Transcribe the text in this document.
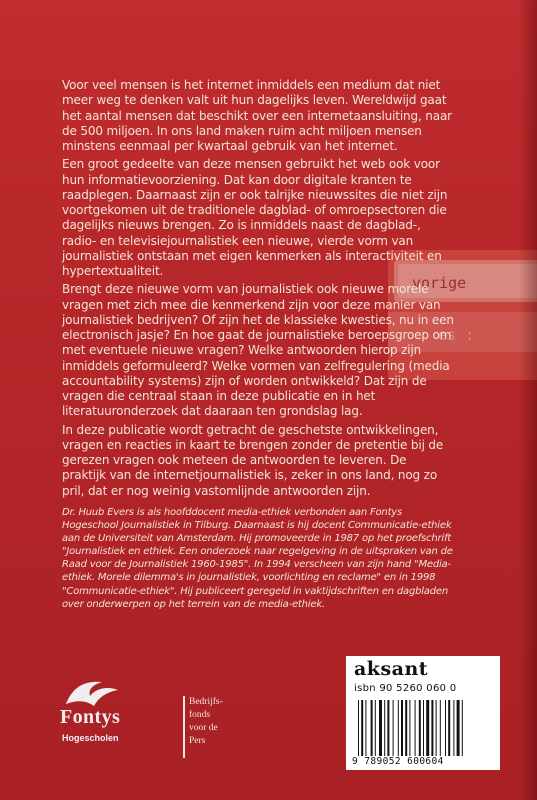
vorige
es :

Voor veel mensen is het internet inmiddels een medium dat niet meer weg te denken valt uit hun dagelijks leven. Wereldwijd gaat het aantal mensen dat beschikt over een internetaansluiting, naar de 500 miljoen. In ons land maken ruim acht miljoen mensen minstens eenmaal per kwartaal gebruik van het internet.

Een groot gedeelte van deze mensen gebruikt het web ook voor hun informatievoorziening. Dat kan door digitale kranten te raadplegen. Daarnaast zijn er ook talrijke nieuwssites die niet zijn voortgekomen uit de traditionele dagblad- of omroepsectoren die dagelijks nieuws brengen. Zo is inmiddels naast de dagblad-, radio- en televisiejournalistiek een nieuwe, vierde vorm van journalistiek ontstaan met eigen kenmerken als interactiviteit en hypertextualiteit.

Brengt deze nieuwe vorm van journalistiek ook nieuwe morele vragen met zich mee die kenmerkend zijn voor deze manier van journalistiek bedrijven? Of zijn het de klassieke kwesties, nu in een electronisch jasje? En hoe gaat de journalistieke beroepsgroep om met eventuele nieuwe vragen? Welke antwoorden hierop zijn inmiddels geformuleerd? Welke vormen van zelfregulering (media accountability systems) zijn of worden ontwikkeld? Dat zijn de vragen die centraal staan in deze publicatie en in het literatuuronderzoek dat daaraan ten grondslag lag.

In deze publicatie wordt getracht de geschetste ontwikkelingen, vragen en reacties in kaart te brengen zonder de pretentie bij de gerezen vragen ook meteen de antwoorden te leveren. De praktijk van de internetjournalistiek is, zeker in ons land, nog zo pril, dat er nog weinig vastomlijnde antwoorden zijn.

Dr. Huub Evers is als hoofddocent media-ethiek verbonden aan Fontys Hogeschool Journalistiek in Tilburg. Daarnaast is hij docent Communicatie-ethiek aan de Universiteit van Amsterdam. Hij promoveerde in 1987 op het proefschrift "Journalistiek en ethiek. Een onderzoek naar regelgeving in de uitspraken van de Raad voor de Journalistiek 1960-1985". In 1994 verscheen van zijn hand "Media-ethiek. Morele dilemma's in journalistiek, voorlichting en reclame" en in 1998 "Communicatie-ethiek". Hij publiceert geregeld in vaktijdschriften en dagbladen over onderwerpen op het terrein van de media-ethiek.
Fontys
Hogescholen
Bedrijfs-
fonds
voor de
Pers
aksant
isbn 90 5260 060 0
9 789052 600604
